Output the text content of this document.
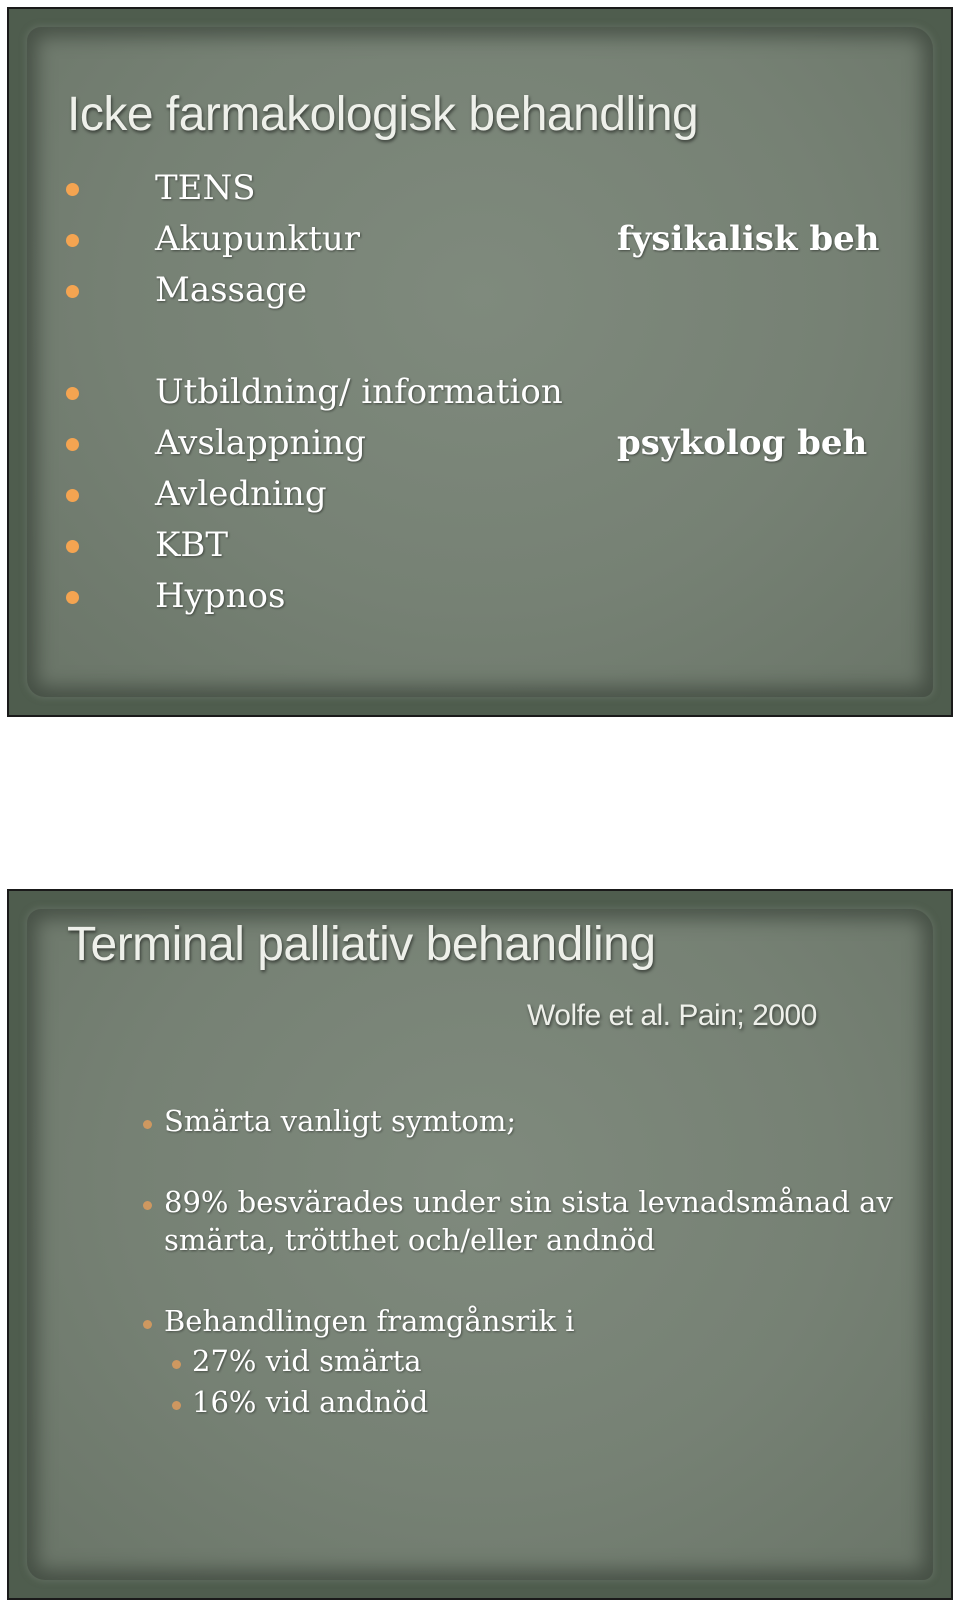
Icke farmakologisk behandling
TENS
Akupunktur
Massage
fysikalisk beh
Utbildning/ information
Avslappning	psykolog beh
Avledning
KBT
Hypnos
Terminal palliativ behandling
Wolfe et al. Pain; 2000
Smärta vanligt symtom;
89% besvärades under sin sista levnadsmånad av
smärta, trötthet och/eller andnöd
Behandlingen framgånsrik i
27% vid smärta
16% vid andnöd
